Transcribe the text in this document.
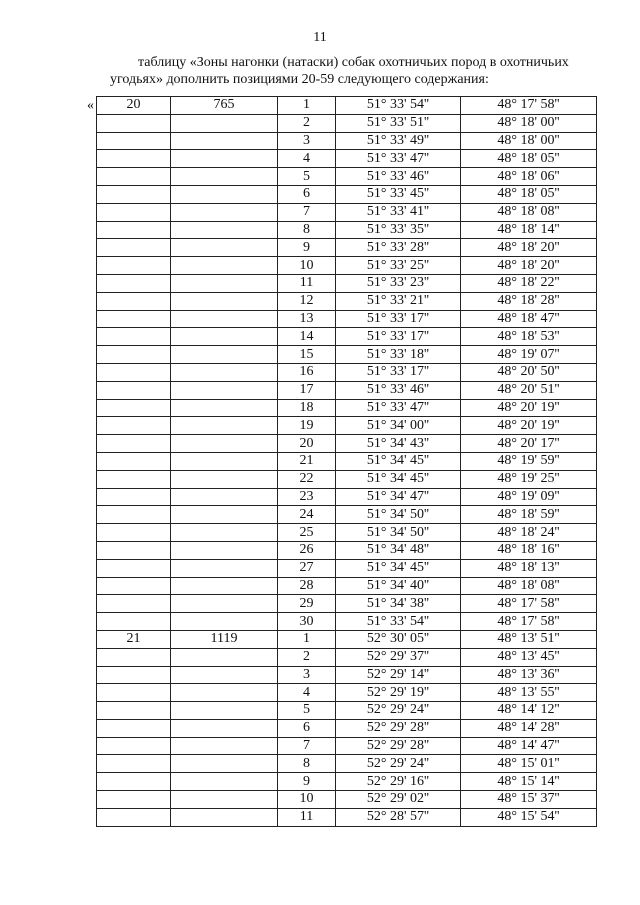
11

таблицу «Зоны нагонки (натаски) собак охотничьих пород в охотничьих
угодьях» дополнить позициями 20-59 следующего содержания:

« 20	765	1	51° 33' 54''	48° 17' 58''
		2	51° 33' 51''	48° 18' 00''
		3	51° 33' 49''	48° 18' 00''
		4	51° 33' 47''	48° 18' 05''
		5	51° 33' 46''	48° 18' 06''
		6	51° 33' 45''	48° 18' 05''
		7	51° 33' 41''	48° 18' 08''
		8	51° 33' 35''	48° 18' 14''
		9	51° 33' 28''	48° 18' 20''
		10	51° 33' 25''	48° 18' 20''
		11	51° 33' 23''	48° 18' 22''
		12	51° 33' 21''	48° 18' 28''
		13	51° 33' 17''	48° 18' 47''
		14	51° 33' 17''	48° 18' 53''
		15	51° 33' 18''	48° 19' 07''
		16	51° 33' 17''	48° 20' 50''
		17	51° 33' 46''	48° 20' 51''
		18	51° 33' 47''	48° 20' 19''
		19	51° 34' 00''	48° 20' 19''
		20	51° 34' 43''	48° 20' 17''
		21	51° 34' 45''	48° 19' 59''
		22	51° 34' 45''	48° 19' 25''
		23	51° 34' 47''	48° 19' 09''
		24	51° 34' 50''	48° 18' 59''
		25	51° 34' 50''	48° 18' 24''
		26	51° 34' 48''	48° 18' 16''
		27	51° 34' 45''	48° 18' 13''
		28	51° 34' 40''	48° 18' 08''
		29	51° 34' 38''	48° 17' 58''
		30	51° 33' 54''	48° 17' 58''
21	1119	1	52° 30' 05''	48° 13' 51''
		2	52° 29' 37''	48° 13' 45''
		3	52° 29' 14''	48° 13' 36''
		4	52° 29' 19''	48° 13' 55''
		5	52° 29' 24''	48° 14' 12''
		6	52° 29' 28''	48° 14' 28''
		7	52° 29' 28''	48° 14' 47''
		8	52° 29' 24''	48° 15' 01''
		9	52° 29' 16''	48° 15' 14''
		10	52° 29' 02''	48° 15' 37''
		11	52° 28' 57''	48° 15' 54''
